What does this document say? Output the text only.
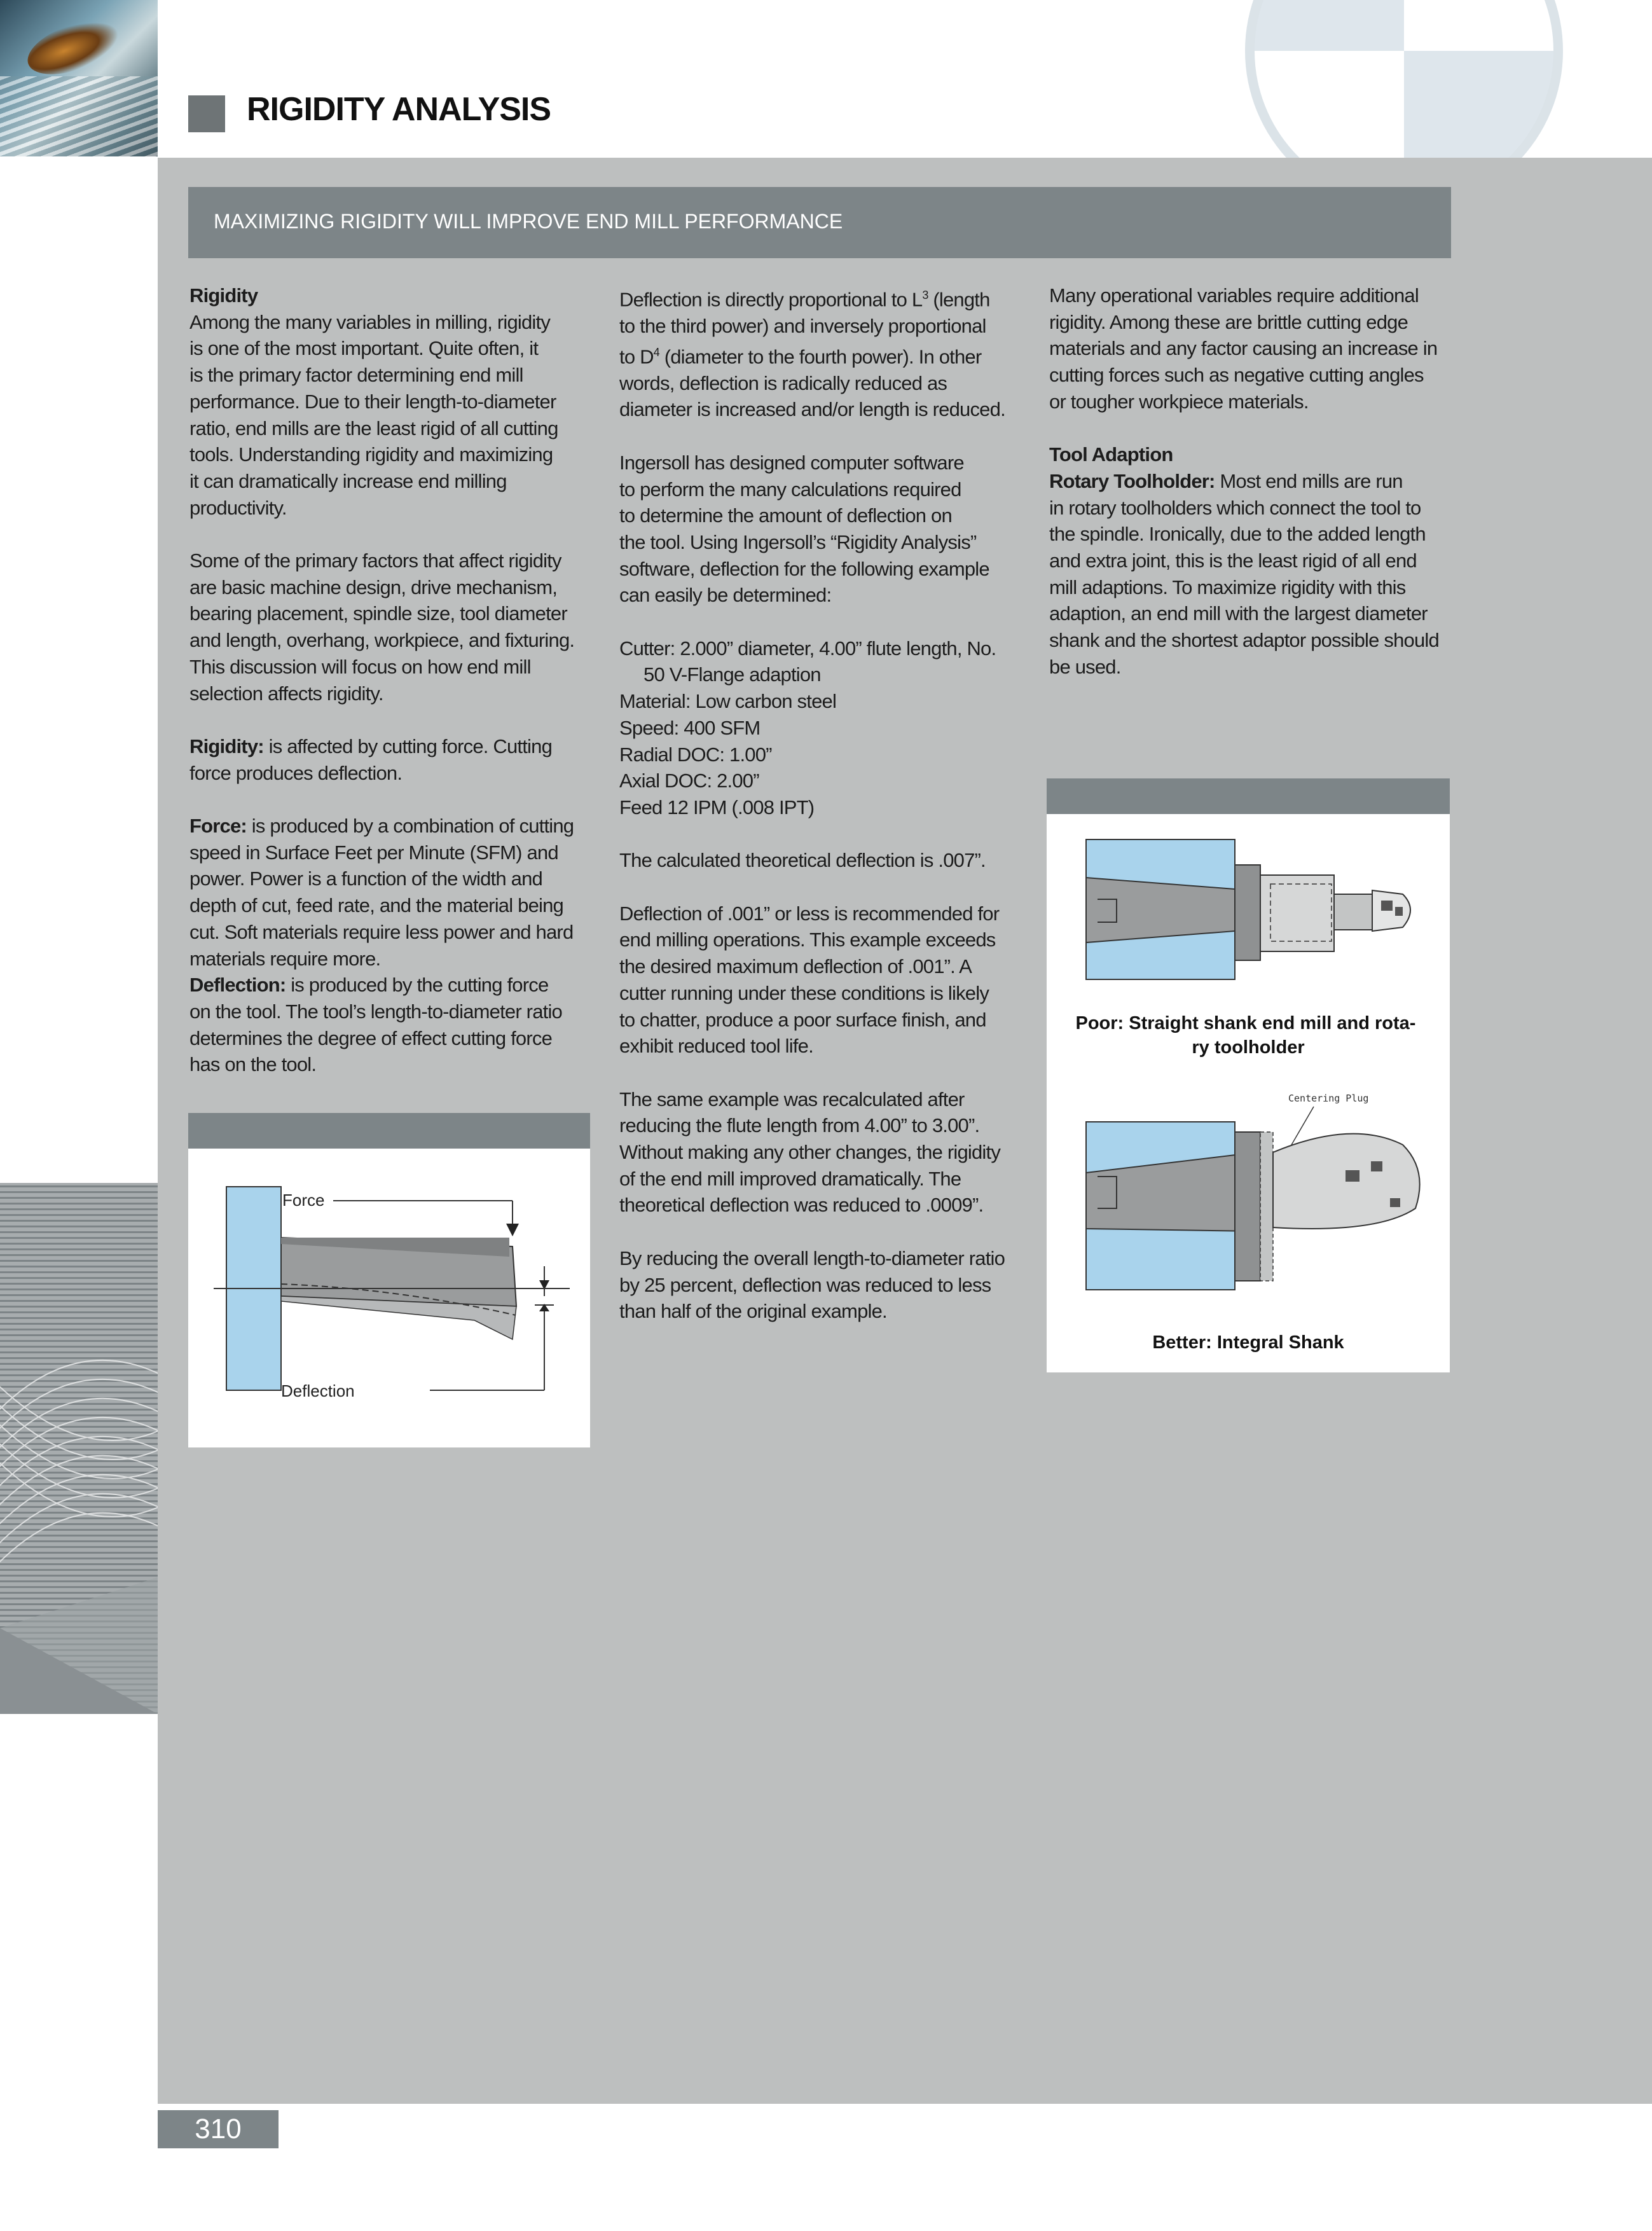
RIGIDITY ANALYSIS
MAXIMIZING RIGIDITY WILL IMPROVE END MILL PERFORMANCE

Rigidity

Among the many variables in milling, rigidity
is one of the most important. Quite often, it
is the primary factor determining end mill
performance. Due to their length-to-diameter
ratio, end mills are the least rigid of all cutting
tools. Understanding rigidity and maximizing
it can dramatically increase end milling
productivity.

Some of the primary factors that affect rigidity
are basic machine design, drive mechanism,
bearing placement, spindle size, tool diameter
and length, overhang, workpiece, and fixturing.
This discussion will focus on how end mill
selection affects rigidity.

Rigidity: is affected by cutting force. Cutting
force produces deflection.

Force: is produced by a combination of cutting
speed in Surface Feet per Minute (SFM) and
power. Power is a function of the width and
depth of cut, feed rate, and the material being
cut. Soft materials require less power and hard
materials require more.

Deflection: is produced by the cutting force
on the tool. The tool’s length-to-diameter ratio
determines the degree of effect cutting force
has on the tool.

Deflection is directly proportional to $L^3$ (length
to the third power) and inversely proportional
to $D^4$ (diameter to the fourth power). In other
words, deflection is radically reduced as
diameter is increased and/or length is reduced.

Ingersoll has designed computer software
to perform the many calculations required
to determine the amount of deflection on
the tool. Using Ingersoll’s “Rigidity Analysis”
software, deflection for the following example
can easily be determined:

Cutter: 2.000” diameter, 4.00” flute length, No.

50 V-Flange adaption

Material: Low carbon steel

Speed: 400 SFM

Radial DOC: 1.00”

Axial DOC: 2.00”

Feed 12 IPM (.008 IPT)

The calculated theoretical deflection is .007”.

Deflection of .001” or less is recommended for
end milling operations. This example exceeds
the desired maximum deflection of .001”. A
cutter running under these conditions is likely
to chatter, produce a poor surface finish, and
exhibit reduced tool life.

The same example was recalculated after
reducing the flute length from 4.00” to 3.00”.
Without making any other changes, the rigidity
of the end mill improved dramatically. The
theoretical deflection was reduced to .0009”.

By reducing the overall length-to-diameter ratio
by 25 percent, deflection was reduced to less
than half of the original example.

Many operational variables require additional
rigidity. Among these are brittle cutting edge
materials and any factor causing an increase in
cutting forces such as negative cutting angles
or tougher workpiece materials.

Tool Adaption

Rotary Toolholder: Most end mills are run
in rotary toolholders which connect the tool to
the spindle. Ironically, due to the added length
and extra joint, this is the least rigid of all end
mill adaptions. To maximize rigidity with this
adaption, an end mill with the largest diameter
shank and the shortest adaptor possible should
be used.

Force
Deflection
Poor: Straight shank end mill and rota- ry toolholder
Centering Plug
Better: Integral Shank
310
